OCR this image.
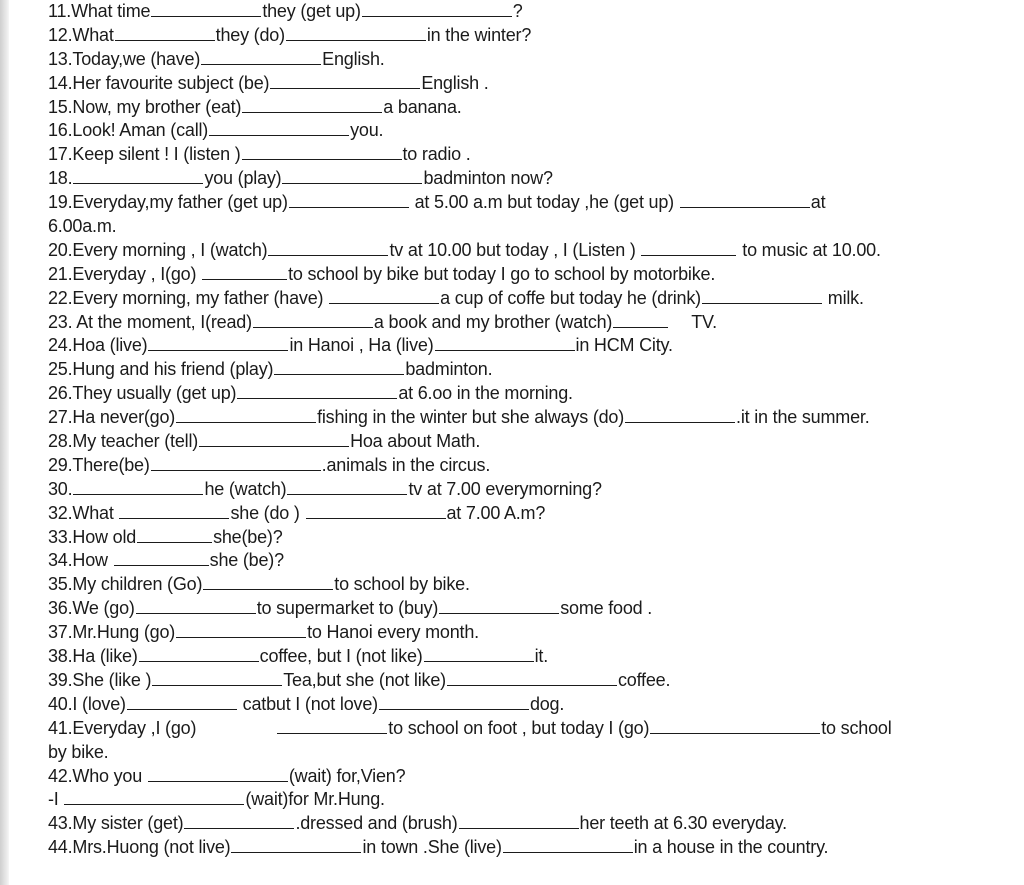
11.What time	they (get up)	?
12.What	they (do)	in the winter?
13.Today,we (have)	English.
14.Her favourite subject (be)	English .
15.Now, my brother (eat)	a banana.
16.Look! Aman (call)	you.
17.Keep silent ! I (listen )	to radio .
18.	you (play)	badminton now?
19.Everyday,my father (get up)	at 5.00 a.m but today ,he (get up)	at
6.00a.m.
20.Every morning , I (watch)	tv at 10.00 but today , I (Listen )	to music at 10.00.
21.Everyday , I(go)	to school by bike but today I go to school by motorbike.
22.Every morning, my father (have)	a cup of coffe but today he (drink)	milk.
23. At the moment, I(read)	a book and my brother (watch)	TV.
24.Hoa (live)	in Hanoi , Ha (live)	in HCM City.
25.Hung and his friend (play)	badminton.
26.They usually (get up)	at 6.oo in the morning.
27.Ha never(go)	fishing in the winter but she always (do)	.it in the summer.
28.My teacher (tell)	Hoa about Math.
29.There(be)	.animals in the circus.
30.	he (watch)	tv at 7.00 everymorning?
32.What	she (do )	at 7.00 A.m?
33.How old	she(be)?
34.How	she (be)?
35.My children (Go)	to school by bike.
36.We (go)	to supermarket to (buy)	some food .
37.Mr.Hung (go)	to Hanoi every month.
38.Ha (like)	coffee, but I (not like)	it.
39.She (like )	Tea,but she (not like)	coffee.
40.I (love)	catbut I (not love)	dog.
41.Everyday ,I (go)	to school on foot , but today I (go)	to school
by bike.
42.Who you	(wait) for,Vien?
-I	(wait)for Mr.Hung.
43.My sister (get)	.dressed and (brush)	her teeth at 6.30 everyday.
44.Mrs.Huong (not live)	in town .She (live)	in a house in the country.
